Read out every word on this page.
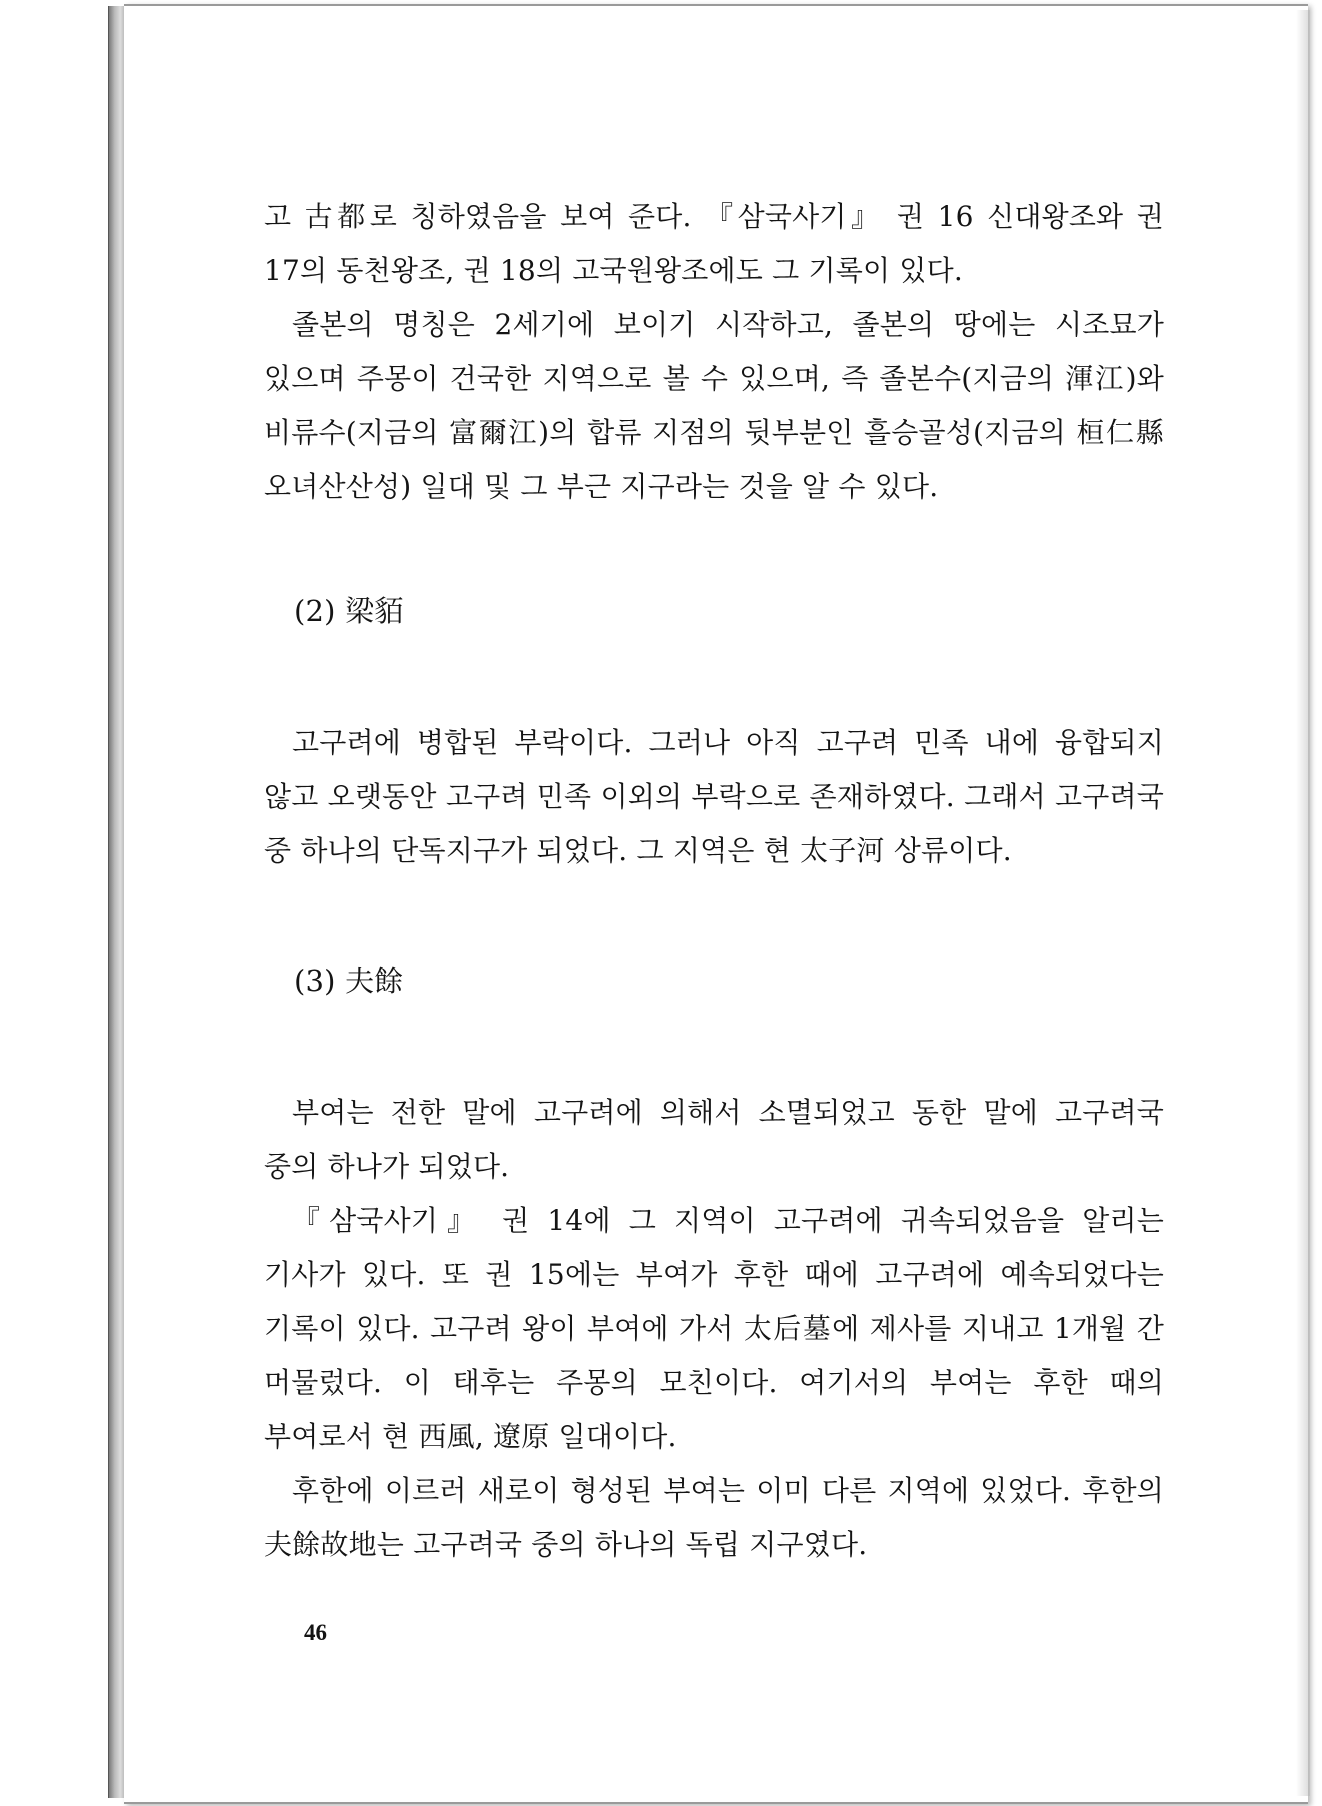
고 古都로 칭하였음을 보여 준다. 『삼국사기』 권 16 신대왕조와 권 17의 동천왕조, 권 18의 고국원왕조에도 그 기록이 있다.

졸본의 명칭은 2세기에 보이기 시작하고, 졸본의 땅에는 시조묘가 있으며 주몽이 건국한 지역으로 볼 수 있으며, 즉 졸본수(지금의 渾江)와 비류수(지금의 富爾江)의 합류 지점의 뒷부분인 흘승골성(지금의 桓仁縣 오녀산산성) 일대 및 그 부근 지구라는 것을 알 수 있다.

(2) 梁貊

고구려에 병합된 부락이다. 그러나 아직 고구려 민족 내에 융합되지 않고 오랫동안 고구려 민족 이외의 부락으로 존재하였다. 그래서 고구려국 중 하나의 단독지구가 되었다. 그 지역은 현 太子河 상류이다.

(3) 夫餘

부여는 전한 말에 고구려에 의해서 소멸되었고 동한 말에 고구려국 중의 하나가 되었다.

『삼국사기』 권 14에 그 지역이 고구려에 귀속되었음을 알리는 기사가 있다. 또 권 15에는 부여가 후한 때에 고구려에 예속되었다는 기록이 있다. 고구려 왕이 부여에 가서 太后墓에 제사를 지내고 1개월 간 머물렀다. 이 태후는 주몽의 모친이다. 여기서의 부여는 후한 때의 부여로서 현 西風, 遼原 일대이다.

후한에 이르러 새로이 형성된 부여는 이미 다른 지역에 있었다. 후한의 夫餘故地는 고구려국 중의 하나의 독립 지구였다.

46
